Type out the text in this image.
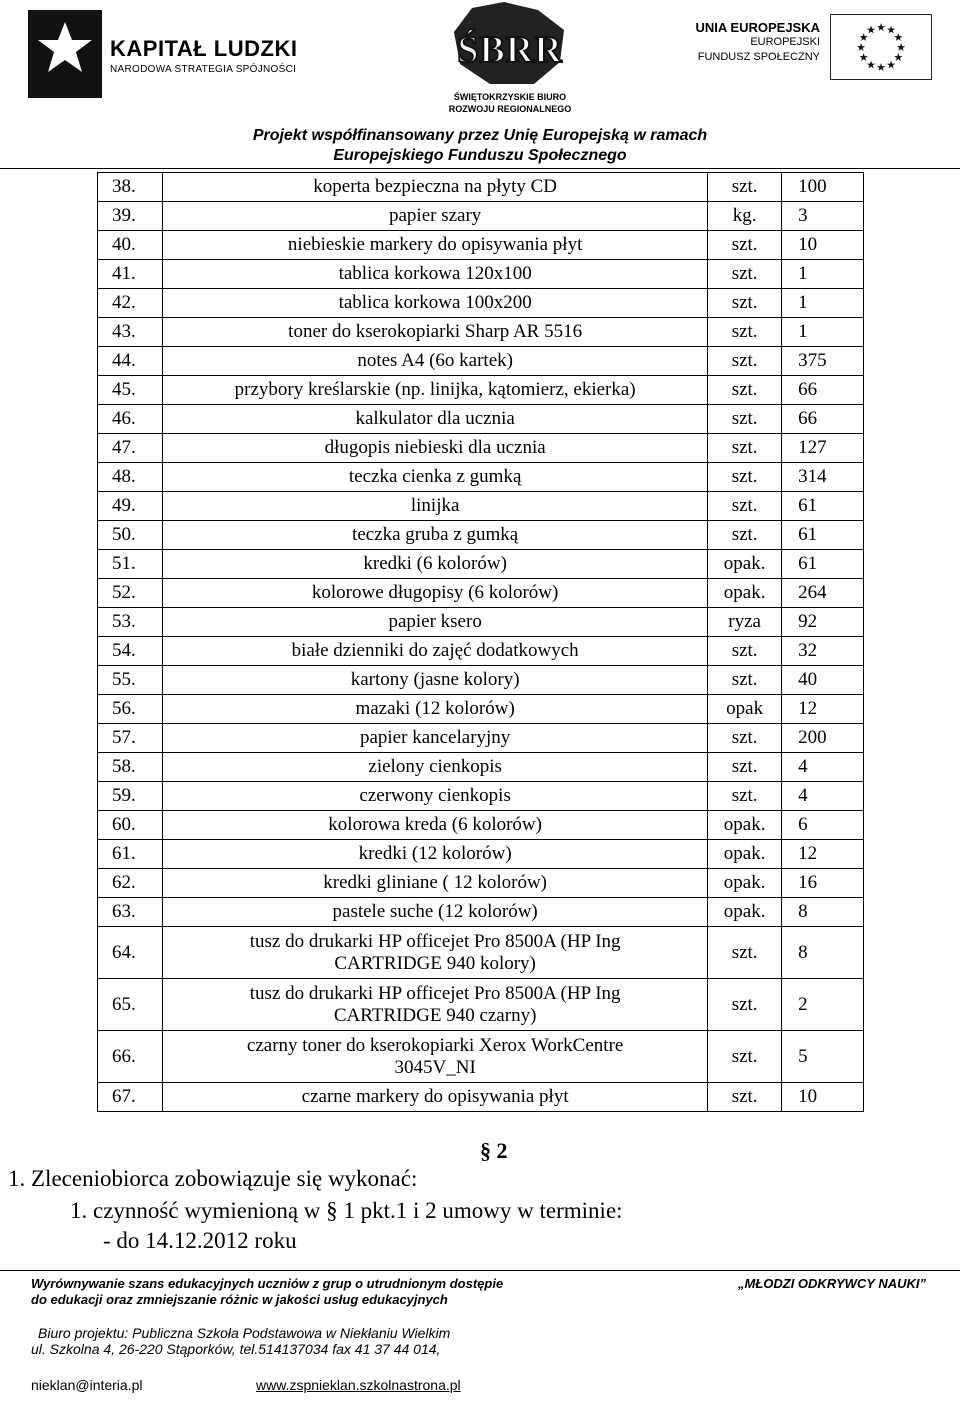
KAPITAŁ LUDZKI
NARODOWA STRATEGIA SPÓJNOŚCI	ŚBRR
ŚWIĘTOKRZYSKIE BIURO
ROZWOJU REGIONALNEGO
UNIA EUROPEJSKA
EUROPEJSKI
FUNDUSZ SPOŁECZNY
★
★
★
★
★
★
★
★
★ ★ ★
★
Projekt współfinansowany przez Unię Europejską w ramach
Europejskiego Funduszu Społecznego
38.	koperta bezpieczna na płyty CD	szt.	100
39.	papier szary	kg.	3
40.	niebieskie markery do opisywania płyt	szt.	10
41.	tablica korkowa 120x100	szt.	1
42.	tablica korkowa 100x200	szt.	1
43.	toner do kserokopiarki Sharp AR 5516	szt.	1
44.	notes A4 (6o kartek)	szt.	375
45.	przybory kreślarskie (np. linijka, kątomierz, ekierka)	szt.	66
46.	kalkulator dla ucznia	szt.	66
47.	długopis niebieski dla ucznia	szt.	127
48.	teczka cienka z gumką	szt.	314
49.	linijka	szt.	61
50.	teczka gruba z gumką	szt.	61
51.	kredki (6 kolorów)	opak.	61
52.	kolorowe długopisy (6 kolorów)	opak.	264
53.	papier ksero	ryza	92
54.	białe dzienniki do zajęć dodatkowych	szt.	32
55.	kartony (jasne kolory)	szt.	40
56.	mazaki (12 kolorów)	opak	12
57.	papier kancelaryjny	szt.	200
58.	zielony cienkopis	szt.	4
59.	czerwony cienkopis	szt.	4
60.	kolorowa kreda (6 kolorów)	opak.	6
61.	kredki (12 kolorów)	opak.	12
62.	kredki gliniane ( 12 kolorów)	opak.	16
63.	pastele suche (12 kolorów)	opak.	8
64.	tusz do drukarki HP officejet Pro 8500A (HP Ing
CARTRIDGE 940 kolory)	szt.	8
65.	tusz do drukarki HP officejet Pro 8500A (HP Ing
CARTRIDGE 940 czarny)	szt.	2
66.	czarny toner do kserokopiarki Xerox WorkCentre
3045V_NI	szt.	5
67.	czarne markery do opisywania płyt	szt.	10
§ 2
1. Zleceniobiorca zobowiązuje się wykonać:
1. czynność wymienioną w § 1 pkt.1 i 2 umowy w terminie:
- do 14.12.2012 roku
Wyrównywanie szans edukacyjnych uczniów z grup o utrudnionym dostępie
do edukacji oraz zmniejszanie różnic w jakości usług edukacyjnych
„MŁODZI ODKRYWCY NAUKI”
Biuro projektu: Publiczna Szkoła Podstawowa w Niekłaniu Wielkim
ul. Szkolna 4, 26-220 Stąporków, tel.514137034 fax 41 37 44 014,
nieklan@interia.pl	www.zspnieklan.szkolnastrona.pl
